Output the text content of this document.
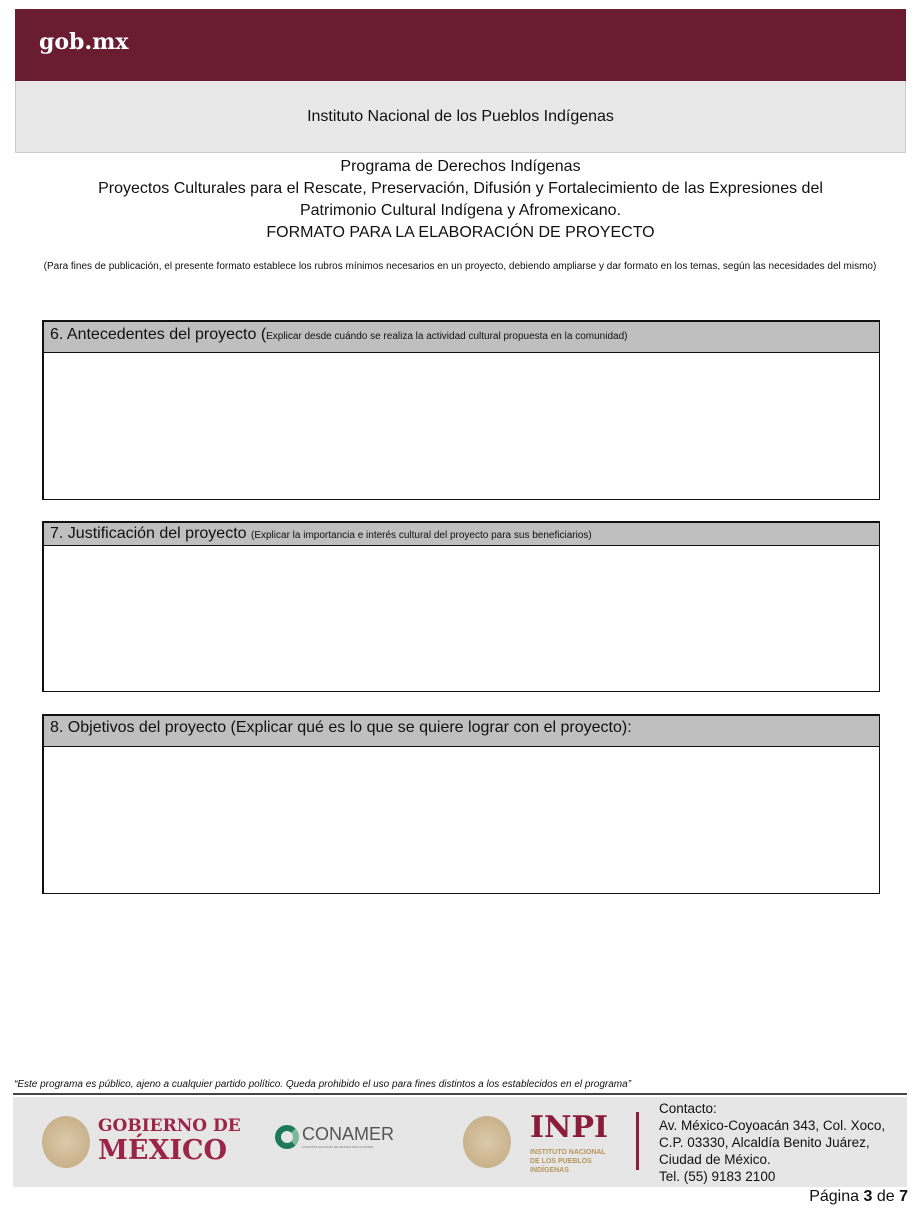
gob.mx
Instituto Nacional de los Pueblos Indígenas
Programa de Derechos Indígenas
Proyectos Culturales para el Rescate, Preservación, Difusión y Fortalecimiento de las Expresiones del
Patrimonio Cultural Indígena y Afromexicano.
FORMATO PARA LA ELABORACIÓN DE PROYECTO
(Para fines de publicación, el presente formato establece los rubros mínimos necesarios en un proyecto, debiendo ampliarse y dar formato en los temas, según las necesidades del mismo)
6. Antecedentes del proyecto (Explicar desde cuándo se realiza la actividad cultural propuesta en la comunidad)
7. Justificación del proyecto (Explicar la importancia e interés cultural del proyecto para sus beneficiarios)
8. Objetivos del proyecto (Explicar qué es lo que se quiere lograr con el proyecto):
“Este programa es público, ajeno a cualquier partido político. Queda prohibido el uso para fines distintos a los establecidos en el programa”
GOBIERNO DE
MÉXICO
CONAMER
COMISIÓN NACIONAL DE MEJORA REGULATORIA
INPI
INSTITUTO NACIONAL
DE LOS PUEBLOS
INDÍGENAS
Contacto:
Av. México-Coyoacán 343, Col. Xoco,
C.P. 03330, Alcaldía Benito Juárez,
Ciudad de México.
Tel. (55) 9183 2100
Página 3 de 7
